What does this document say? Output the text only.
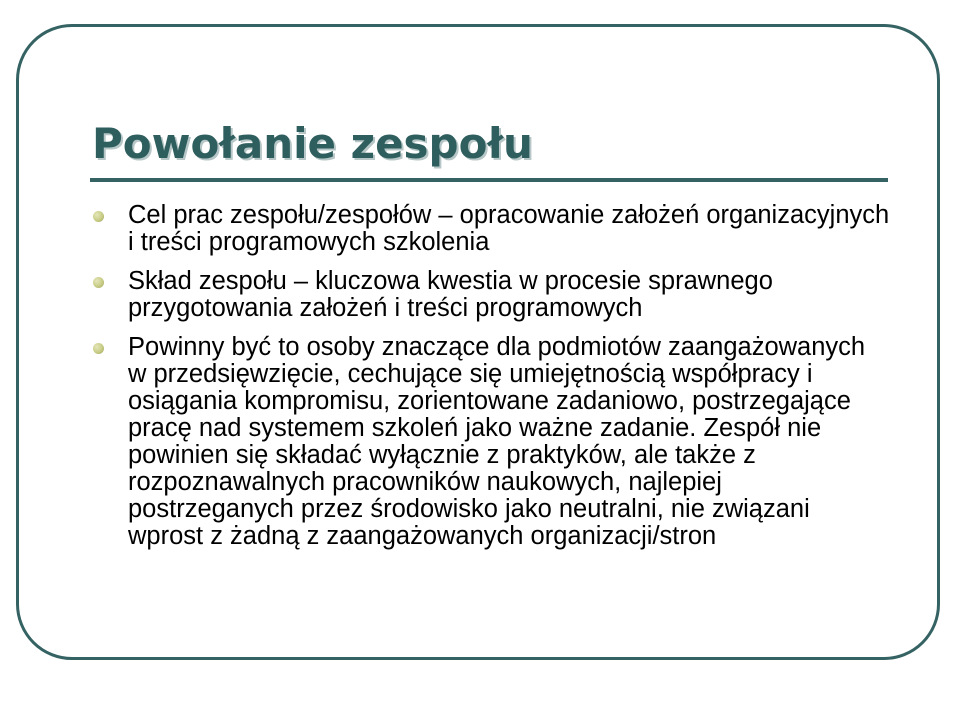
Powołanie zespołu
Cel prac zespołu/zespołów – opracowanie założeń organizacyjnych i treści programowych szkolenia
Skład zespołu – kluczowa kwestia w procesie sprawnego przygotowania założeń i treści programowych
Powinny być to osoby znaczące dla podmiotów zaangażowanych w przedsięwzięcie, cechujące się umiejętnością współpracy i osiągania kompromisu, zorientowane zadaniowo, postrzegające pracę nad systemem szkoleń jako ważne zadanie. Zespół nie powinien się składać wyłącznie z praktyków, ale także z rozpoznawalnych pracowników naukowych, najlepiej postrzeganych przez środowisko jako neutralni, nie związani wprost z żadną z zaangażowanych organizacji/stron
